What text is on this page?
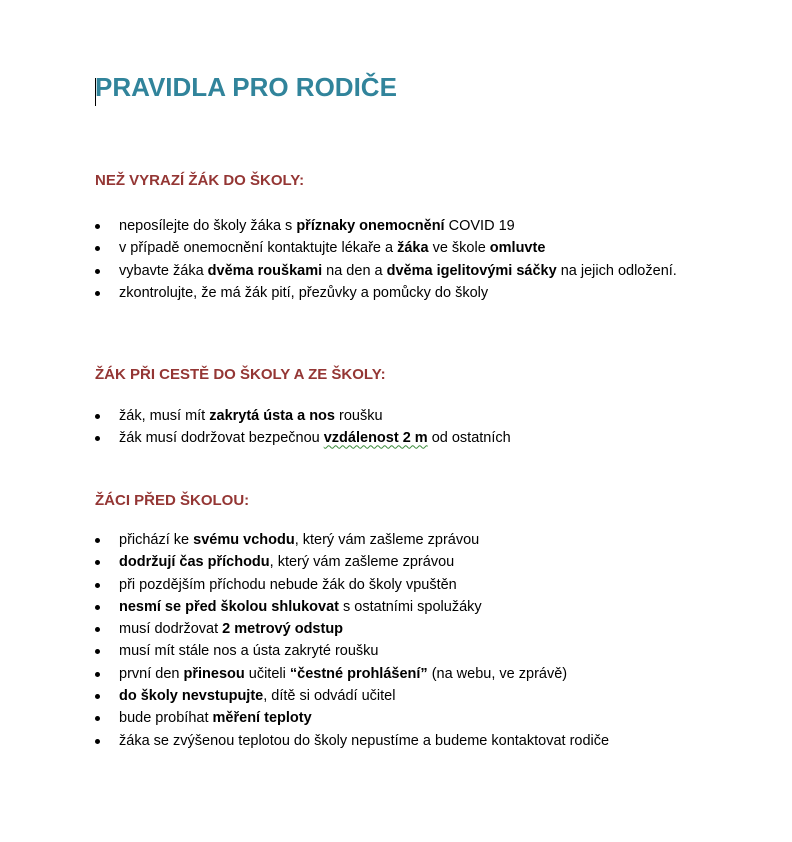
PRAVIDLA PRO RODIČE
NEŽ VYRAZÍ ŽÁK DO ŠKOLY:
neposílejte do školy žáka s příznaky onemocnění COVID 19
v případě onemocnění kontaktujte lékaře a žáka ve škole omluvte
vybavte žáka dvěma rouškami na den a dvěma igelitovými sáčky na jejich odložení.
zkontrolujte, že má žák pití, přezůvky a pomůcky do školy
ŽÁK PŘI CESTĚ DO ŠKOLY A ZE ŠKOLY:
žák, musí mít zakrytá ústa a nos roušku
žák musí dodržovat bezpečnou vzdálenost 2 m od ostatních
ŽÁCI PŘED ŠKOLOU:
přichází ke svému vchodu, který vám zašleme zprávou
dodržují čas příchodu, který vám zašleme zprávou
při pozdějším příchodu nebude žák do školy vpuštěn
nesmí se před školou shlukovat s ostatními spolužáky
musí dodržovat 2 metrový odstup
musí mít stále nos a ústa zakryté roušku
první den přinesou učiteli “čestné prohlášení” (na webu, ve zprávě)
do školy nevstupujte, dítě si odvádí učitel
bude probíhat měření teploty
žáka se zvýšenou teplotou do školy nepustíme a budeme kontaktovat rodiče
